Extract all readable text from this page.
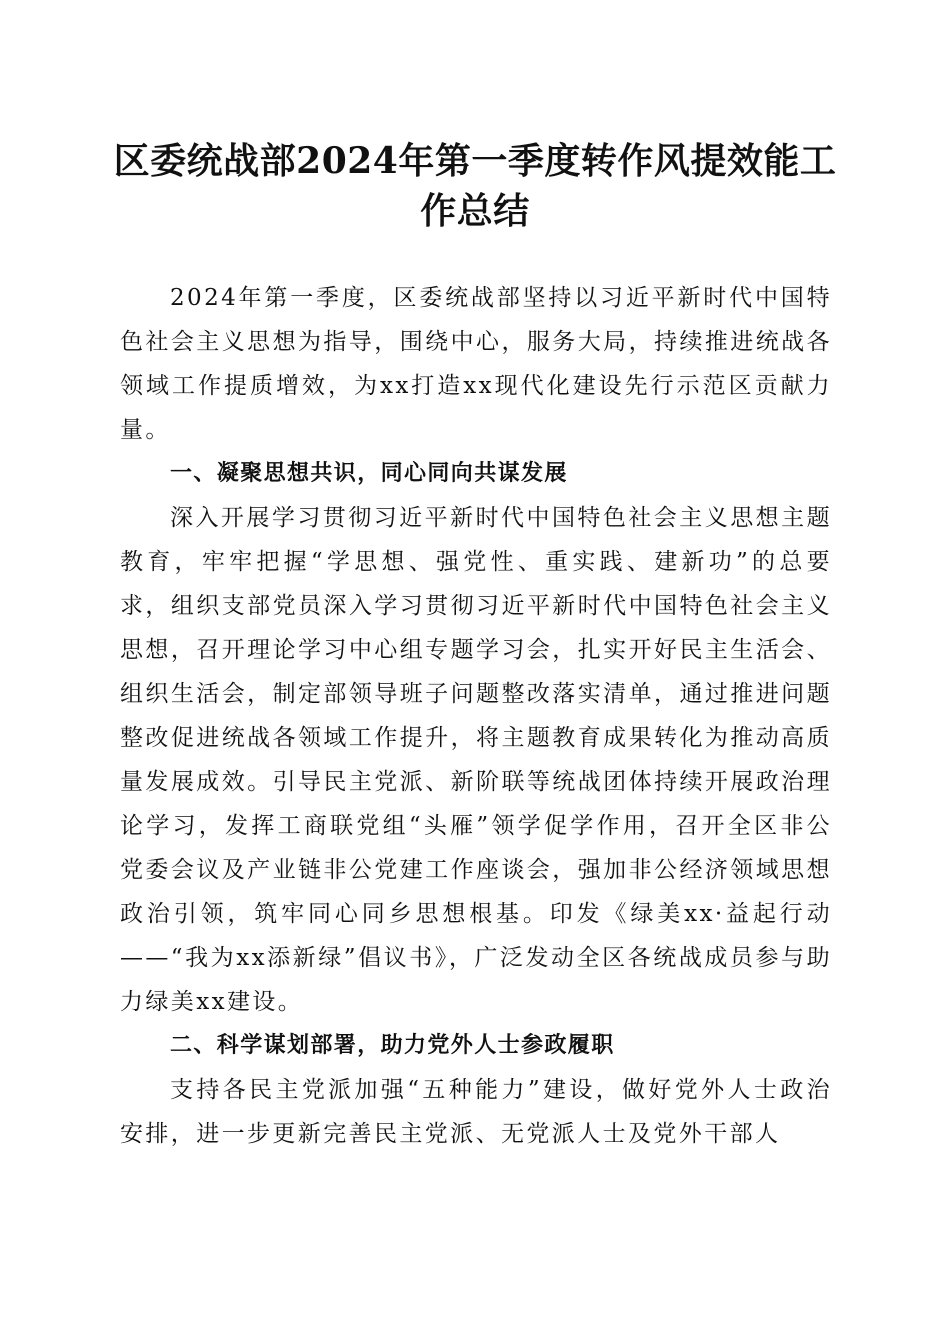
区委统战部2024年第一季度转作风提效能工
作总结

2024年第一季度，区委统战部坚持以习近平新时代中国特色社会主义思想为指导，围绕中心，服务大局，持续推进统战各领域工作提质增效，为xx打造xx现代化建设先行示范区贡献力量。

一、凝聚思想共识，同心同向共谋发展

深入开展学习贯彻习近平新时代中国特色社会主义思想主题教育，牢牢把握“学思想、强党性、重实践、建新功”的总要求，组织支部党员深入学习贯彻习近平新时代中国特色社会主义思想，召开理论学习中心组专题学习会，扎实开好民主生活会、组织生活会，制定部领导班子问题整改落实清单，通过推进问题整改促进统战各领域工作提升，将主题教育成果转化为推动高质量发展成效。引导民主党派、新阶联等统战团体持续开展政治理论学习，发挥工商联党组“头雁”领学促学作用，召开全区非公党委会议及产业链非公党建工作座谈会，强加非公经济领域思想政治引领，筑牢同心同乡思想根基。印发《绿美xx·益起行动——“我为xx添新绿”倡议书》，广泛发动全区各统战成员参与助力绿美xx建设。

二、科学谋划部署，助力党外人士参政履职

支持各民主党派加强“五种能力”建设，做好党外人士政治安排，进一步更新完善民主党派、无党派人士及党外干部人
